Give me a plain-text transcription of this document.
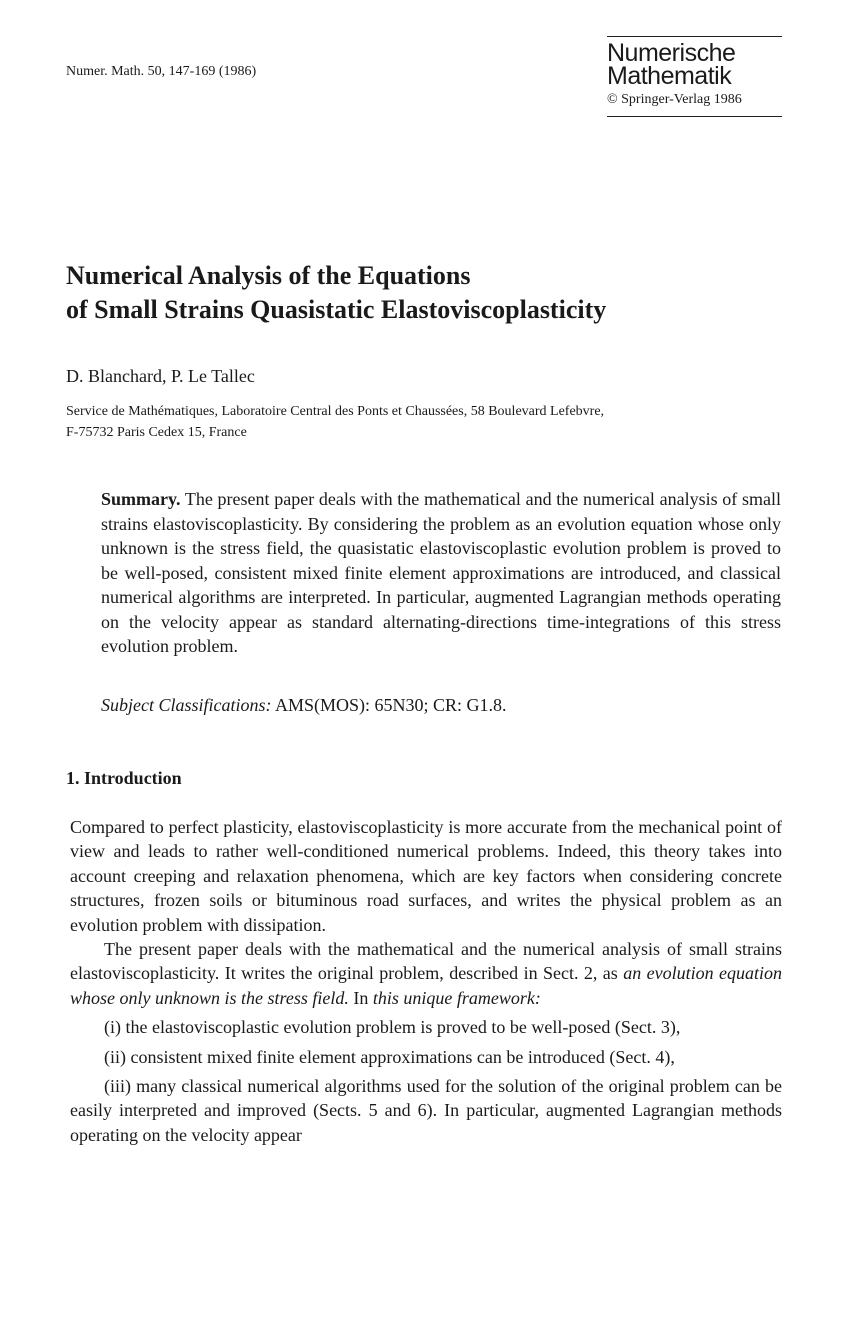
Numer. Math. 50, 147-169 (1986)
Numerische
Mathematik
© Springer-Verlag 1986
Numerical Analysis of the Equations
of Small Strains Quasistatic Elastoviscoplasticity
D. Blanchard, P. Le Tallec
Service de Mathématiques, Laboratoire Central des Ponts et Chaussées, 58 Boulevard Lefebvre,
F-75732 Paris Cedex 15, France

Summary. The present paper deals with the mathematical and the numerical analysis of small strains elastoviscoplasticity. By considering the problem as an evolution equation whose only unknown is the stress field, the quasistatic elastoviscoplastic evolution problem is proved to be well-posed, consistent mixed finite element approximations are introduced, and classical numerical algorithms are interpreted. In particular, augmented Lagrangian methods operating on the velocity appear as standard alternating-directions time-integrations of this stress evolution problem.

Subject Classifications: AMS(MOS): 65N30; CR: G1.8.
1. Introduction

Compared to perfect plasticity, elastoviscoplasticity is more accurate from the mechanical point of view and leads to rather well-conditioned numerical problems. Indeed, this theory takes into account creeping and relaxation phenomena, which are key factors when considering concrete structures, frozen soils or bituminous road surfaces, and writes the physical problem as an evolution problem with dissipation.

The present paper deals with the mathematical and the numerical analysis of small strains elastoviscoplasticity. It writes the original problem, described in Sect. 2, as an evolution equation whose only unknown is the stress field. In this unique framework:

(i) the elastoviscoplastic evolution problem is proved to be well-posed (Sect. 3),

(ii) consistent mixed finite element approximations can be introduced (Sect. 4),

(iii) many classical numerical algorithms used for the solution of the original problem can be easily interpreted and improved (Sects. 5 and 6). In particular, augmented Lagrangian methods operating on the velocity appear
